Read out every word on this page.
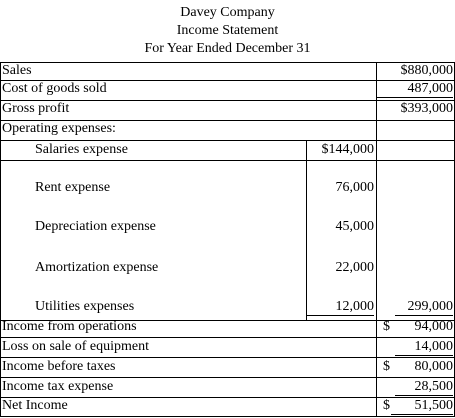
Davey Company
Income Statement
For Year Ended December 31
Sales	$880,000
Cost of goods sold	487,000
Gross profit	$393,000
Operating expenses:
Salaries expense	$144,000
Rent expense	76,000
Depreciation expense	45,000
Amortization expense	22,000
Utilities expenses	12,000	299,000
Income from operations	$	94,000
Loss on sale of equipment	14,000
Income before taxes	$	80,000
Income tax expense	28,500
Net Income	$	51,500
